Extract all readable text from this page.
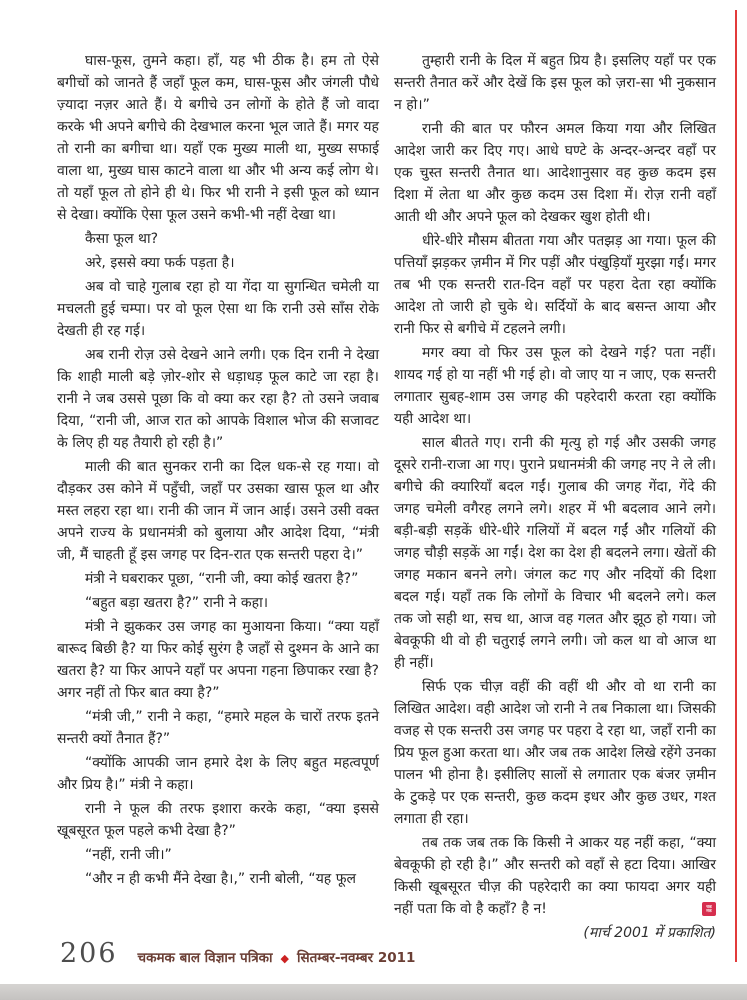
घास-फूस, तुमने कहा। हाँ, यह भी ठीक है। हम तो ऐसे बगीचों को जानते हैं जहाँ फूल कम, घास-फूस और जंगली पौधे ज़्यादा नज़र आते हैं। ये बगीचे उन लोगों के होते हैं जो वादा करके भी अपने बगीचे की देखभाल करना भूल जाते हैं। मगर यह तो रानी का बगीचा था। यहाँ एक मुख्य माली था, मुख्य सफाई वाला था, मुख्य घास काटने वाला था और भी अन्य कई लोग थे। तो यहाँ फूल तो होने ही थे। फिर भी रानी ने इसी फूल को ध्यान से देखा। क्योंकि ऐसा फूल उसने कभी-भी नहीं देखा था।

कैसा फूल था?

अरे, इससे क्या फर्क पड़ता है।

अब वो चाहे गुलाब रहा हो या गेंदा या सुगन्धित चमेली या मचलती हुई चम्पा। पर वो फूल ऐसा था कि रानी उसे साँस रोके देखती ही रह गई।

अब रानी रोज़ उसे देखने आने लगी। एक दिन रानी ने देखा कि शाही माली बड़े ज़ोर-शोर से धड़ाधड़ फूल काटे जा रहा है। रानी ने जब उससे पूछा कि वो क्या कर रहा है? तो उसने जवाब दिया, “रानी जी, आज रात को आपके विशाल भोज की सजावट के लिए ही यह तैयारी हो रही है।”

माली की बात सुनकर रानी का दिल धक-से रह गया। वो दौड़कर उस कोने में पहुँची, जहाँ पर उसका खास फूल था और मस्त लहरा रहा था। रानी की जान में जान आई। उसने उसी वक्त अपने राज्य के प्रधानमंत्री को बुलाया और आदेश दिया, “मंत्री जी, मैं चाहती हूँ इस जगह पर दिन-रात एक सन्तरी पहरा दे।”

मंत्री ने घबराकर पूछा, “रानी जी, क्या कोई खतरा है?”

“बहुत बड़ा खतरा है?” रानी ने कहा।

मंत्री ने झुककर उस जगह का मुआयना किया। “क्या यहाँ बारूद बिछी है? या फिर कोई सुरंग है जहाँ से दुश्मन के आने का खतरा है? या फिर आपने यहाँ पर अपना गहना छिपाकर रखा है? अगर नहीं तो फिर बात क्या है?”

“मंत्री जी,” रानी ने कहा, “हमारे महल के चारों तरफ इतने सन्तरी क्यों तैनात हैं?”

“क्योंकि आपकी जान हमारे देश के लिए बहुत महत्वपूर्ण और प्रिय है।” मंत्री ने कहा।

रानी ने फूल की तरफ इशारा करके कहा, “क्या इससे खूबसूरत फूल पहले कभी देखा है?”

“नहीं, रानी जी।”

“और न ही कभी मैंने देखा है।,” रानी बोली, “यह फूल

तुम्हारी रानी के दिल में बहुत प्रिय है। इसलिए यहाँ पर एक सन्तरी तैनात करें और देखें कि इस फूल को ज़रा-सा भी नुकसान न हो।”

रानी की बात पर फौरन अमल किया गया और लिखित आदेश जारी कर दिए गए। आधे घण्टे के अन्दर-अन्दर वहाँ पर एक चुस्त सन्तरी तैनात था। आदेशानुसार वह कुछ कदम इस दिशा में लेता था और कुछ कदम उस दिशा में। रोज़ रानी वहाँ आती थी और अपने फूल को देखकर खुश होती थी।

धीरे-धीरे मौसम बीतता गया और पतझड़ आ गया। फूल की पत्तियाँ झड़कर ज़मीन में गिर पड़ीं और पंखुड़ियाँ मुरझा गईं। मगर तब भी एक सन्तरी रात-दिन वहाँ पर पहरा देता रहा क्योंकि आदेश तो जारी हो चुके थे। सर्दियों के बाद बसन्त आया और रानी फिर से बगीचे में टहलने लगी।

मगर क्या वो फिर उस फूल को देखने गई? पता नहीं। शायद गई हो या नहीं भी गई हो। वो जाए या न जाए, एक सन्तरी लगातार सुबह-शाम उस जगह की पहरेदारी करता रहा क्योंकि यही आदेश था।

साल बीतते गए। रानी की मृत्यु हो गई और उसकी जगह दूसरे रानी-राजा आ गए। पुराने प्रधानमंत्री की जगह नए ने ले ली। बगीचे की क्यारियाँ बदल गईं। गुलाब की जगह गेंदा, गेंदे की जगह चमेली वगैरह लगने लगे। शहर में भी बदलाव आने लगे। बड़ी-बड़ी सड़कें धीरे-धीरे गलियों में बदल गईं और गलियों की जगह चौड़ी सड़कें आ गईं। देश का देश ही बदलने लगा। खेतों की जगह मकान बनने लगे। जंगल कट गए और नदियों की दिशा बदल गई। यहाँ तक कि लोगों के विचार भी बदलने लगे। कल तक जो सही था, सच था, आज वह गलत और झूठ हो गया। जो बेवकूफी थी वो ही चतुराई लगने लगी। जो कल था वो आज था ही नहीं।

सिर्फ एक चीज़ वहीं की वहीं थी और वो था रानी का लिखित आदेश। वही आदेश जो रानी ने तब निकाला था। जिसकी वजह से एक सन्तरी उस जगह पर पहरा दे रहा था, जहाँ रानी का प्रिय फूल हुआ करता था। और जब तक आदेश लिखे रहेंगे उनका पालन भी होना है। इसीलिए सालों से लगातार एक बंजर ज़मीन के टुकड़े पर एक सन्तरी, कुछ कदम इधर और कुछ उधर, गश्त लगाता ही रहा।

तब तक जब तक कि किसी ने आकर यह नहीं कहा, “क्या बेवकूफी हो रही है।” और सन्तरी को वहाँ से हटा दिया। आखिर किसी खूबसूरत चीज़ की पहरेदारी का क्या फायदा अगर यही नहीं पता कि वो है कहाँ? है न!	चक
मक

(मार्च 2001 में प्रकाशित)

206 चकमक बाल विज्ञान पत्रिका ◆ सितम्बर-नवम्बर 2011
